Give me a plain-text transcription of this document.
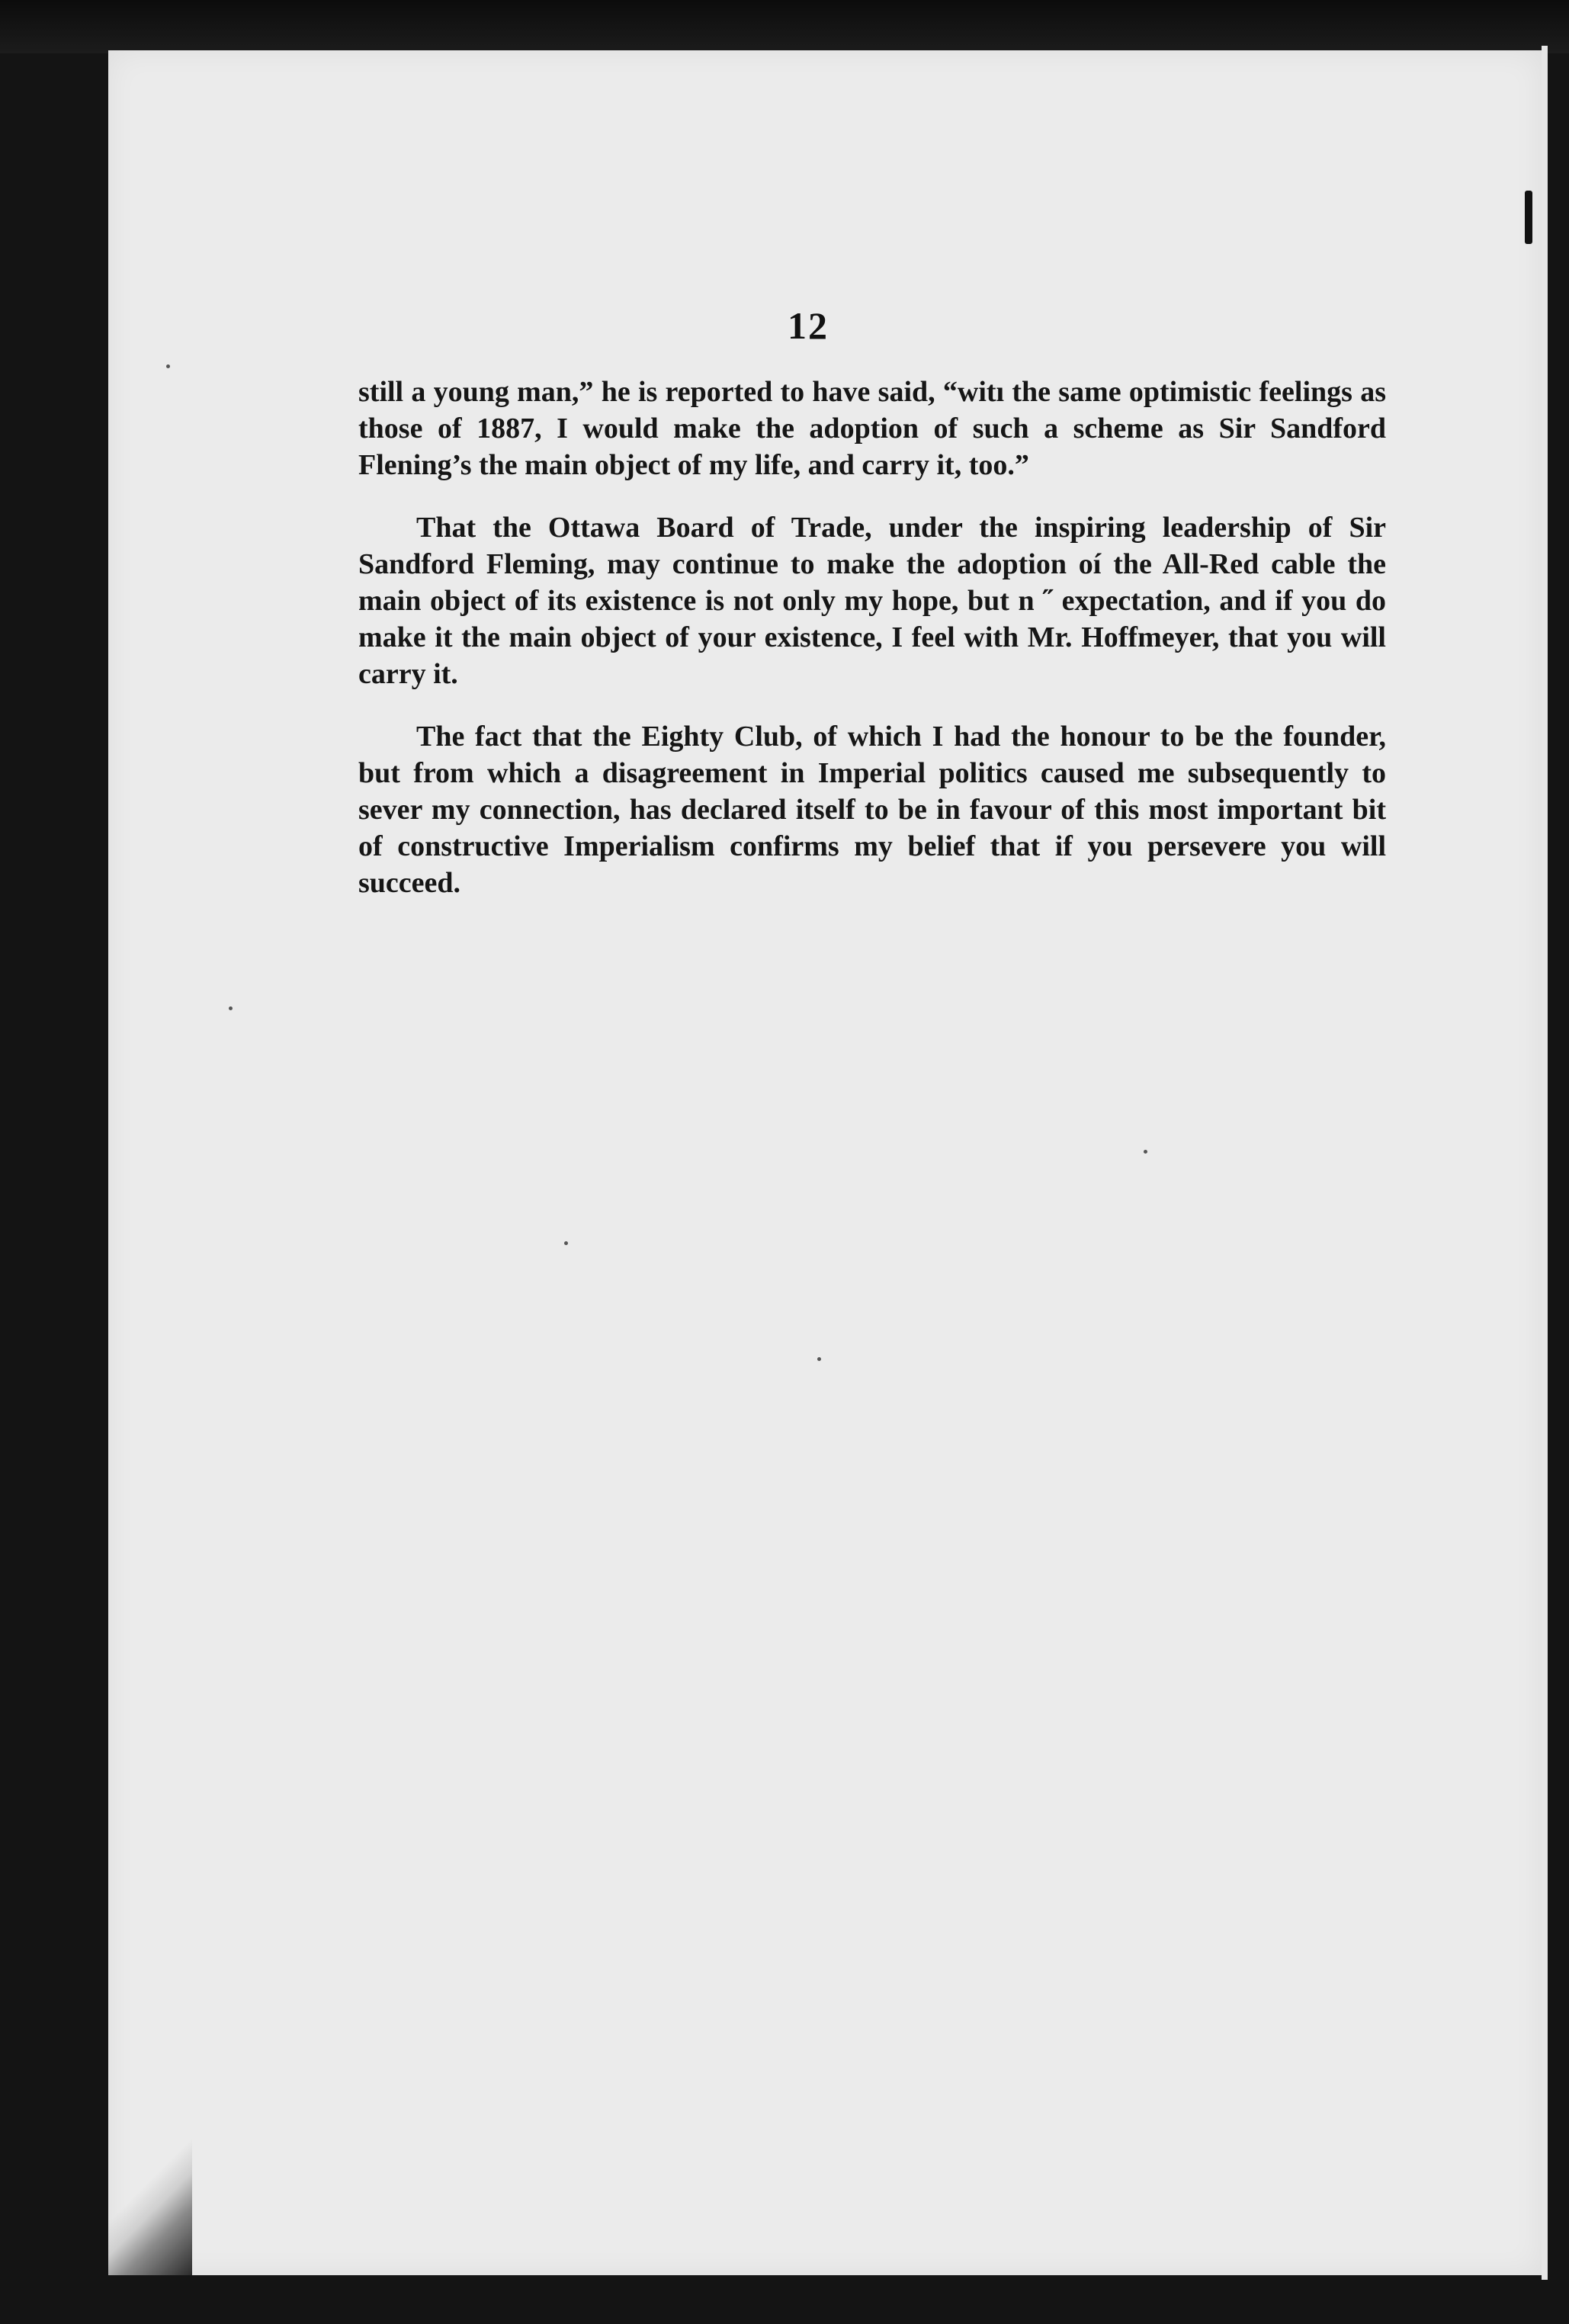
12

still a young man,” he is reported to have said, “witı the same optimistic feelings as those of 1887, I would make the adoption of such a scheme as Sir Sandford Flening’s the main object of my life, and carry it, too.”

That the Ottawa Board of Trade, under the inspiring leadership of Sir Sandford Fleming, may continue to make the adoption oí the All-Red cable the main object of its existence is not only my hope, but n ˝ expectation, and if you do make it the main object of your existence, I feel with Mr. Hoffmeyer, that you will carry it.

The fact that the Eighty Club, of which I had the honour to be the founder, but from which a disagreement in Imperial politics caused me subsequently to sever my connection, has declared itself to be in favour of this most important bit of constructive Imperialism confirms my belief that if you persevere you will succeed.
